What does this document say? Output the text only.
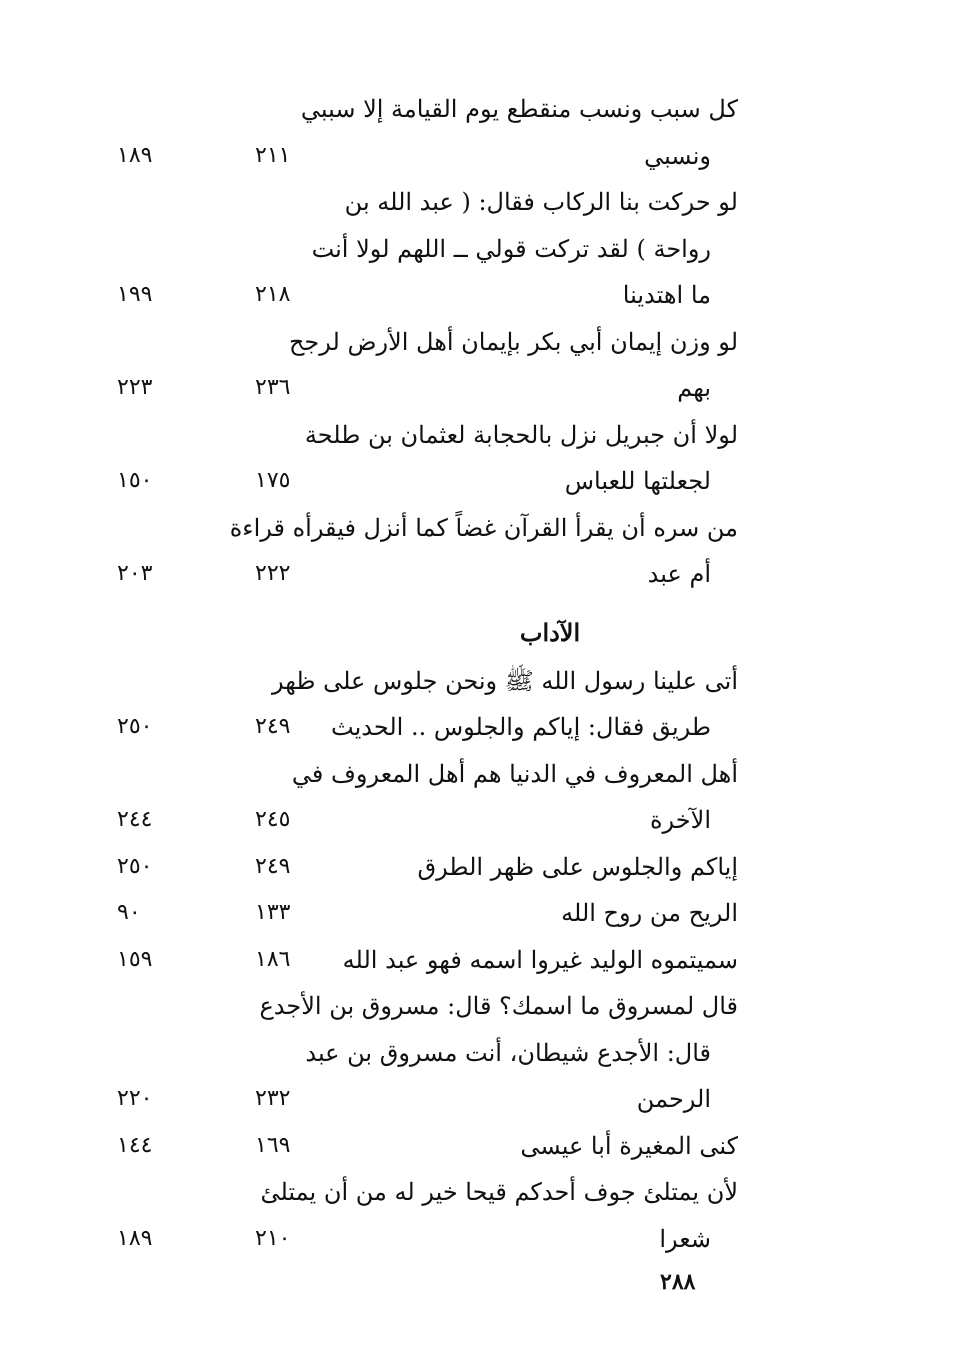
كل سبب ونسب منقطع يوم القيامة إلا سببي
ونسبي
٢١١
١٨٩
لو حركت بنا الركاب فقال: ( عبد الله بن
رواحة ) لقد تركت قولي ــ اللهم لولا أنت
ما اهتدينا
٢١٨
١٩٩
لو وزن إيمان أبي بكر بإيمان أهل الأرض لرجح
بهم
٢٣٦
٢٢٣
لولا أن جبريل نزل بالحجابة لعثمان بن طلحة
لجعلتها للعباس
١٧٥
١٥٠
من سره أن يقرأ القرآن غضاً كما أنزل فيقرأه قراءة
أم عبد
٢٢٢
٢٠٣
أتى علينا رسول الله ﷺ ونحن جلوس على ظهر
طريق فقال: إياكم والجلوس .. الحديث
٢٤٩
٢٥٠
أهل المعروف في الدنيا هم أهل المعروف في
الآخرة
٢٤٥
٢٤٤
إياكم والجلوس على ظهر الطرق
٢٤٩
٢٥٠
الريح من روح الله
١٣٣
٩٠
سميتموه الوليد غيروا اسمه فهو عبد الله
١٨٦
١٥٩
قال لمسروق ما اسمك؟ قال: مسروق بن الأجدع
قال: الأجدع شيطان، أنت مسروق بن عبد
الرحمن
٢٣٢
٢٢٠
كنى المغيرة أبا عيسى
١٦٩
١٤٤
لأن يمتلئ جوف أحدكم قيحا خير له من أن يمتلئ
شعرا
٢١٠
١٨٩
الآداب
٢٨٨
